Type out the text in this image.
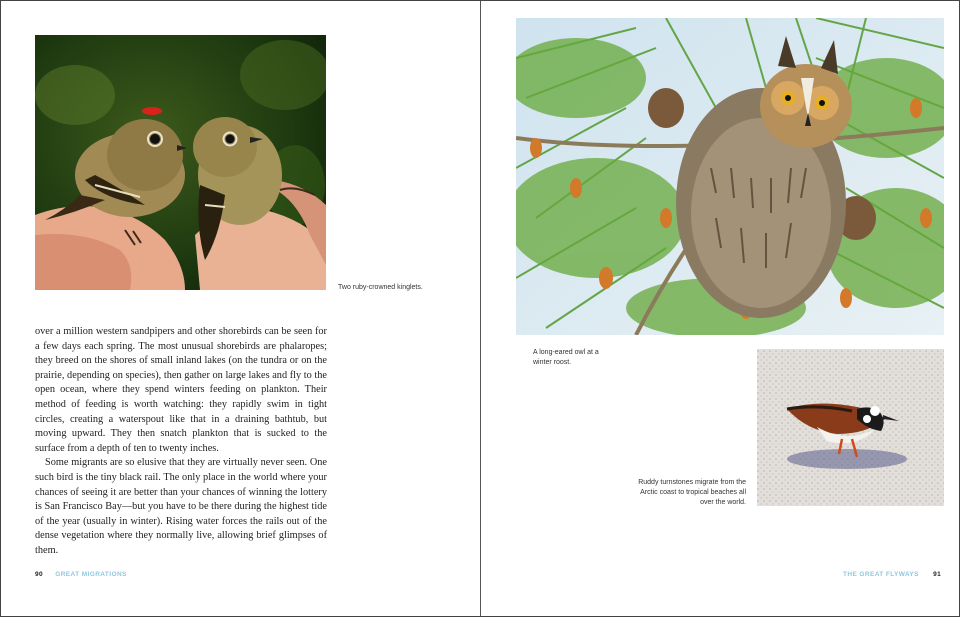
Two ruby-crowned kinglets.

over a million western sandpipers and other shorebirds can be seen for a few days each spring. The most unusual shorebirds are phalaropes; they breed on the shores of small inland lakes (on the tundra or on the prairie, depending on species), then gather on large lakes and fly to the open ocean, where they spend winters feeding on plankton. Their method of feeding is worth watching: they rapidly swim in tight circles, creating a waterspout like that in a draining bathtub, but moving upward. They then snatch plankton that is sucked to the surface from a depth of ten to twenty inches.

Some migrants are so elusive that they are virtually never seen. One such bird is the tiny black rail. The only place in the world where your chances of seeing it are better than your chances of winning the lottery is San Francisco Bay—but you have to be there during the highest tide of the year (usually in winter). Rising water forces the rails out of the dense vegetation where they normally live, allowing brief glimpses of them.

90 GREAT MIGRATIONS
A long-eared owl at a winter roost.
Ruddy turnstones migrate from the Arctic coast to tropical beaches all over the world.
THE GREAT FLYWAYS 91
